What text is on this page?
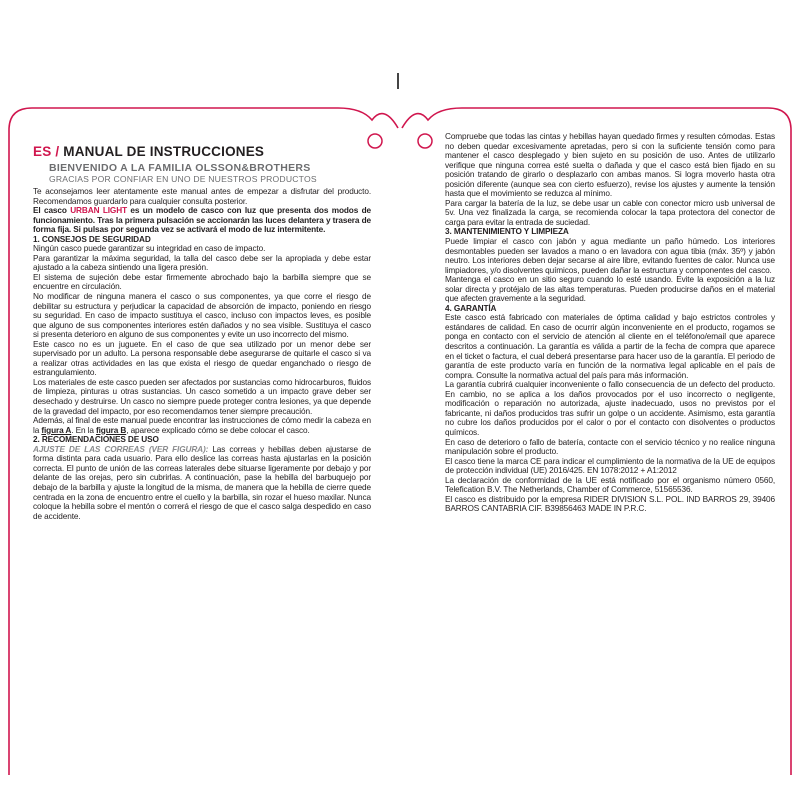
ES / MANUAL DE INSTRUCCIONES
BIENVENIDO A LA FAMILIA OLSSON&BROTHERS
GRACIAS POR CONFIAR EN UNO DE NUESTROS PRODUCTOS

Te aconsejamos leer atentamente este manual antes de empezar a disfrutar del producto. Recomendamos guardarlo para cualquier consulta posterior.

El casco URBAN LIGHT es un modelo de casco con luz que presenta dos modos de funcionamiento. Tras la primera pulsación se accionarán las luces delantera y trasera de forma fija. Si pulsas por segunda vez se activará el modo de luz intermitente.

1. CONSEJOS DE SEGURIDAD

Ningún casco puede garantizar su integridad en caso de impacto.

Para garantizar la máxima seguridad, la talla del casco debe ser la apropiada y debe estar ajustado a la cabeza sintiendo una ligera presión.

El sistema de sujeción debe estar firmemente abrochado bajo la barbilla siempre que se encuentre en circulación.

No modificar de ninguna manera el casco o sus componentes, ya que corre el riesgo de debilitar su estructura y perjudicar la capacidad de absorción de impacto, poniendo en riesgo su seguridad. En caso de impacto sustituya el casco, incluso con impactos leves, es posible que alguno de sus componentes interiores estén dañados y no sea visible. Sustituya el casco si presenta deterioro en alguno de sus componentes y evite un uso incorrecto del mismo.

Este casco no es un juguete. En el caso de que sea utilizado por un menor debe ser supervisado por un adulto. La persona responsable debe asegurarse de quitarle el casco si va a realizar otras actividades en las que exista el riesgo de quedar enganchado o riesgo de estrangulamiento.

Los materiales de este casco pueden ser afectados por sustancias como hidrocarburos, fluidos de limpieza, pinturas u otras sustancias. Un casco sometido a un impacto grave deber ser desechado y destruirse. Un casco no siempre puede proteger contra lesiones, ya que depende de la gravedad del impacto, por eso recomendamos tener siempre precaución.

Además, al final de este manual puede encontrar las instrucciones de cómo medir la cabeza en la figura A. En la figura B, aparece explicado cómo se debe colocar el casco.

2. RECOMENDACIONES DE USO

AJUSTE DE LAS CORREAS (VER FIGURA): Las correas y hebillas deben ajustarse de forma distinta para cada usuario. Para ello deslice las correas hasta ajustarlas en la posición correcta. El punto de unión de las correas laterales debe situarse ligeramente por debajo y por delante de las orejas, pero sin cubrirlas. A continuación, pase la hebilla del barbuquejo por debajo de la barbilla y ajuste la longitud de la misma, de manera que la hebilla de cierre quede centrada en la zona de encuentro entre el cuello y la barbilla, sin rozar el hueso maxilar. Nunca coloque la hebilla sobre el mentón o correrá el riesgo de que el casco salga despedido en caso de accidente.

Compruebe que todas las cintas y hebillas hayan quedado firmes y resulten cómodas. Estas no deben quedar excesivamente apretadas, pero si con la suficiente tensión como para mantener el casco desplegado y bien sujeto en su posición de uso. Antes de utilizarlo verifique que ninguna correa esté suelta o dañada y que el casco está bien fijado en su posición tratando de girarlo o desplazarlo con ambas manos. Si logra moverlo hasta otra posición diferente (aunque sea con cierto esfuerzo), revise los ajustes y aumente la tensión hasta que el movimiento se reduzca al mínimo.

Para cargar la batería de la luz, se debe usar un cable con conector micro usb universal de 5v. Una vez finalizada la carga, se recomienda colocar la tapa protectora del conector de carga para evitar la entrada de suciedad.

3. MANTENIMIENTO Y LIMPIEZA

Puede limpiar el casco con jabón y agua mediante un paño húmedo. Los interiores desmontables pueden ser lavados a mano o en lavadora con agua tibia (máx. 35º) y jabón neutro. Los interiores deben dejar secarse al aire libre, evitando fuentes de calor. Nunca use limpiadores, y/o disolventes químicos, pueden dañar la estructura y componentes del casco.

Mantenga el casco en un sitio seguro cuando lo esté usando. Evite la exposición a la luz solar directa y protéjalo de las altas temperaturas. Pueden producirse daños en el material que afecten gravemente a la seguridad.

4. GARANTÍA

Este casco está fabricado con materiales de óptima calidad y bajo estrictos controles y estándares de calidad. En caso de ocurrir algún inconveniente en el producto, rogamos se ponga en contacto con el servicio de atención al cliente en el teléfono/email que aparece descritos a continuación. La garantía es válida a partir de la fecha de compra que aparece en el ticket o factura, el cual deberá presentarse para hacer uso de la garantía. El periodo de garantía de este producto varía en función de la normativa legal aplicable en el país de compra. Consulte la normativa actual del país para más información.

La garantía cubrirá cualquier inconveniente o fallo consecuencia de un defecto del producto. En cambio, no se aplica a los daños provocados por el uso incorrecto o negligente, modificación o reparación no autorizada, ajuste inadecuado, usos no previstos por el fabricante, ni daños producidos tras sufrir un golpe o un accidente. Asimismo, esta garantía no cubre los daños producidos por el calor o por el contacto con disolventes o productos químicos.

En caso de deterioro o fallo de batería, contacte con el servicio técnico y no realice ninguna manipulación sobre el producto.

El casco tiene la marca CE para indicar el cumplimiento de la normativa de la UE de equipos de protección individual (UE) 2016/425. EN 1078:2012 + A1:2012

La declaración de conformidad de la UE está notificado por el organismo número 0560, Telefication B.V. The Netherlands, Chamber of Commerce, 51565536.

El casco es distribuido por la empresa RIDER DIVISION S.L. POL. IND BARROS 29, 39406 BARROS CANTABRIA CIF. B39856463 MADE IN P.R.C.
